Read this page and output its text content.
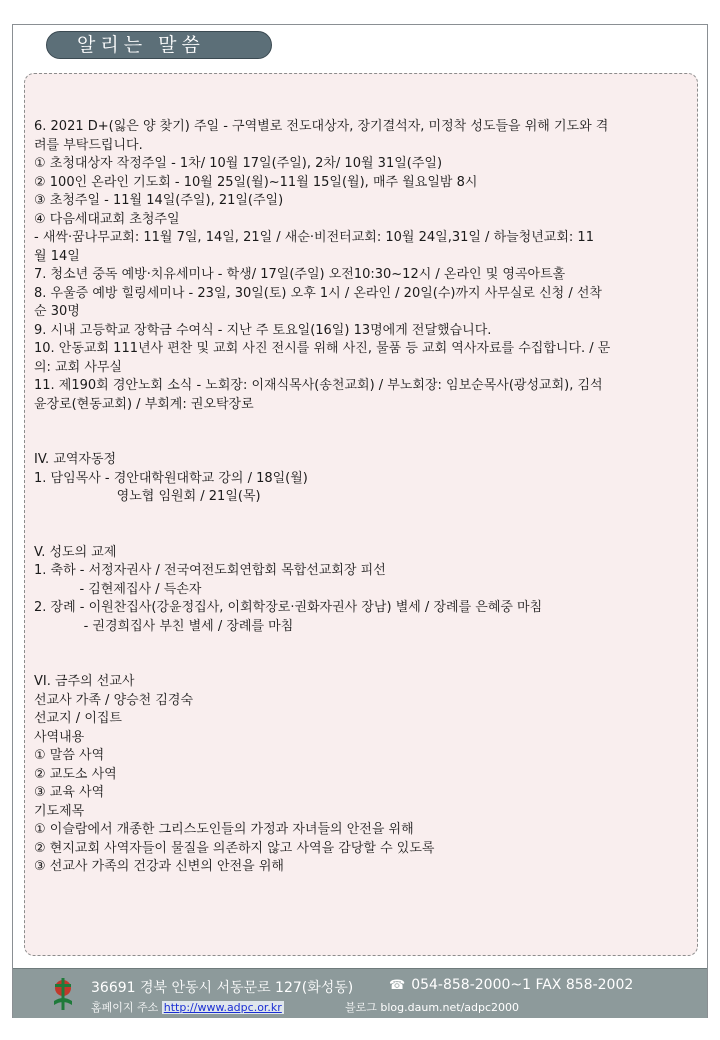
알리는 말씀
6. 2021 D+(잃은 양 찾기) 주일 - 구역별로 전도대상자, 장기결석자, 미정착 성도들을 위해 기도와 격
려를 부탁드립니다.
① 초청대상자 작정주일 - 1차/ 10월 17일(주일), 2차/ 10월 31일(주일)
② 100인 온라인 기도회 - 10월 25일(월)~11월 15일(월), 매주 월요일밤 8시
③ 초청주일 - 11월 14일(주일), 21일(주일)
④ 다음세대교회 초청주일
- 새싹·꿈나무교회: 11월 7일, 14일, 21일 / 새순·비전터교회: 10월 24일,31일 / 하늘청년교회: 11
월 14일
7. 청소년 중독 예방·치유세미나 - 학생/ 17일(주일) 오전10:30~12시 / 온라인 및 영곡아트홀
8. 우울증 예방 힐링세미나 - 23일, 30일(토) 오후 1시 / 온라인 / 20일(수)까지 사무실로 신청 / 선착
순 30명
9. 시내 고등학교 장학금 수여식 - 지난 주 토요일(16일) 13명에게 전달했습니다.
10. 안동교회 111년사 편찬 및 교회 사진 전시를 위해 사진, 물품 등 교회 역사자료를 수집합니다. / 문
의: 교회 사무실
11. 제190회 경안노회 소식 - 노회장: 이재식목사(송천교회) / 부노회장: 임보순목사(광성교회), 김석
윤장로(현동교회) / 부회계: 권오탁장로
IV. 교역자동정
1. 담임목사 - 경안대학원대학교 강의 / 18일(월)
영노협 임원회 / 21일(목)
V. 성도의 교제
1. 축하 - 서정자권사 / 전국여전도회연합회 목합선교회장 피선
- 김현제집사 / 득손자
2. 장례 - 이원찬집사(강윤정집사, 이회학장로·권화자권사 장남) 별세 / 장례를 은혜중 마침
- 권경희집사 부친 별세 / 장례를 마침
VI. 금주의 선교사
선교사 가족 / 양승천 김경숙
선교지 / 이집트
사역내용
① 말씀 사역
② 교도소 사역
③ 교육 사역
기도제목
① 이슬람에서 개종한 그리스도인들의 가정과 자녀들의 안전을 위해
② 현지교회 사역자들이 물질을 의존하지 않고 사역을 감당할 수 있도록
③ 선교사 가족의 건강과 신변의 안전을 위해
36691 경북 안동시 서동문로 127(화성동)	☎ 054-858-2000~1 FAX 858-2002
홈페이지 주소 http://www.adpc.or.kr	블로그 blog.daum.net/adpc2000
